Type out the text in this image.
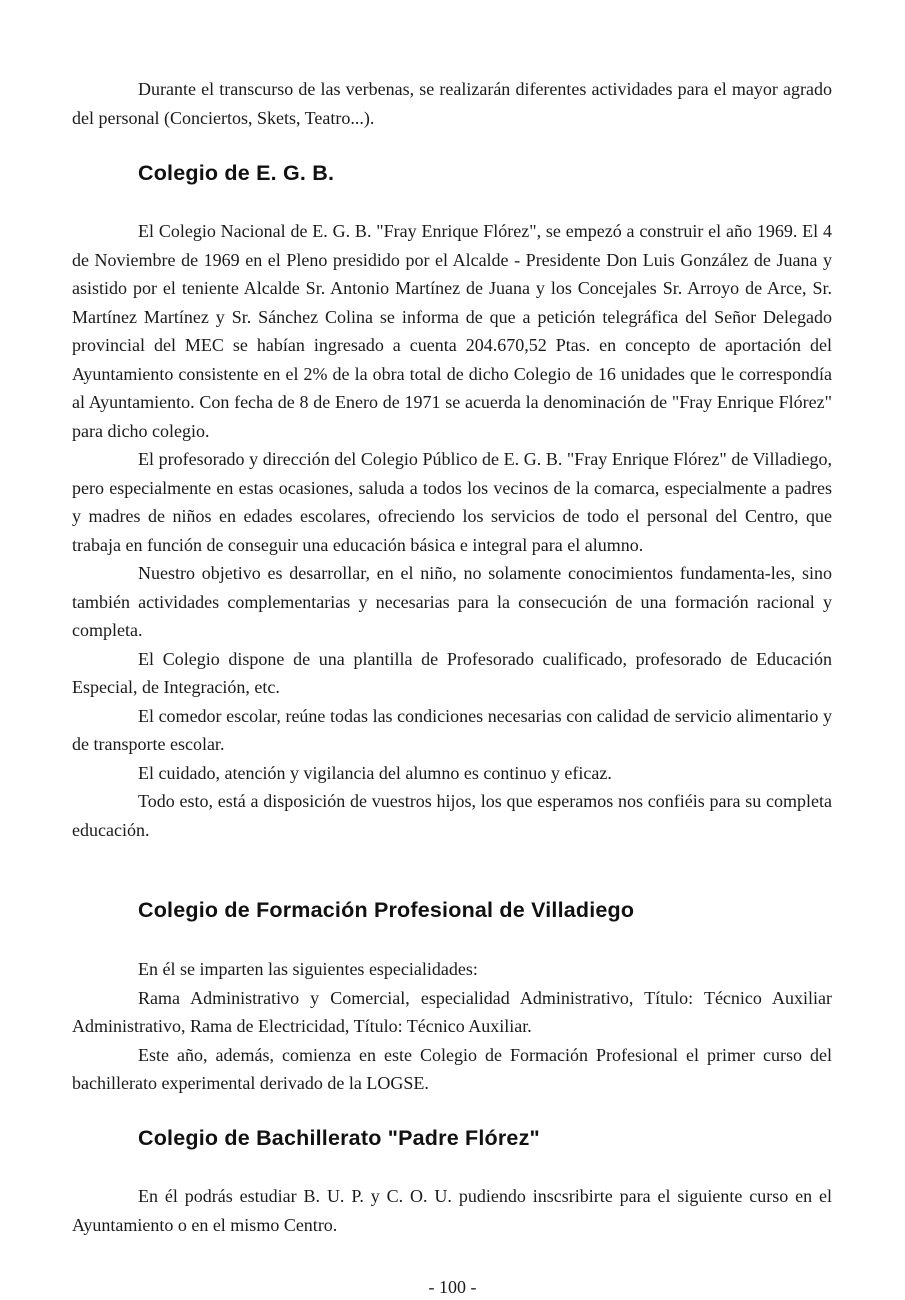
Durante el transcurso de las verbenas, se realizarán diferentes actividades para el mayor agrado del personal (Conciertos, Skets, Teatro...).

Colegio de E. G. B.

El Colegio Nacional de E. G. B. "Fray Enrique Flórez", se empezó a construir el año 1969. El 4 de Noviembre de 1969 en el Pleno presidido por el Alcalde - Presidente Don Luis González de Juana y asistido por el teniente Alcalde Sr. Antonio Martínez de Juana y los Concejales Sr. Arroyo de Arce, Sr. Martínez Martínez y Sr. Sánchez Colina se informa de que a petición telegráfica del Señor Delegado provincial del MEC se habían ingresado a cuenta 204.670,52 Ptas. en concepto de aportación del Ayuntamiento consistente en el 2% de la obra total de dicho Colegio de 16 unidades que le correspondía al Ayuntamiento. Con fecha de 8 de Enero de 1971 se acuerda la denominación de "Fray Enrique Flórez" para dicho colegio.

El profesorado y dirección del Colegio Público de E. G. B. "Fray Enrique Flórez" de Villadiego, pero especialmente en estas ocasiones, saluda a todos los vecinos de la comarca, especialmente a padres y madres de niños en edades escolares, ofreciendo los servicios de todo el personal del Centro, que trabaja en función de conseguir una educación básica e integral para el alumno.

Nuestro objetivo es desarrollar, en el niño, no solamente conocimientos fundamenta-les, sino también actividades complementarias y necesarias para la consecución de una formación racional y completa.

El Colegio dispone de una plantilla de Profesorado cualificado, profesorado de Educación Especial, de Integración, etc.

El comedor escolar, reúne todas las condiciones necesarias con calidad de servicio alimentario y de transporte escolar.

El cuidado, atención y vigilancia del alumno es continuo y eficaz.

Todo esto, está a disposición de vuestros hijos, los que esperamos nos confiéis para su completa educación.

Colegio de Formación Profesional de Villadiego

En él se imparten las siguientes especialidades:

Rama Administrativo y Comercial, especialidad Administrativo, Título: Técnico Auxiliar Administrativo, Rama de Electricidad, Título: Técnico Auxiliar.

Este año, además, comienza en este Colegio de Formación Profesional el primer curso del bachillerato experimental derivado de la LOGSE.

Colegio de Bachillerato "Padre Flórez"

En él podrás estudiar B. U. P. y C. O. U. pudiendo inscsribirte para el siguiente curso en el Ayuntamiento o en el mismo Centro.

- 100 -
